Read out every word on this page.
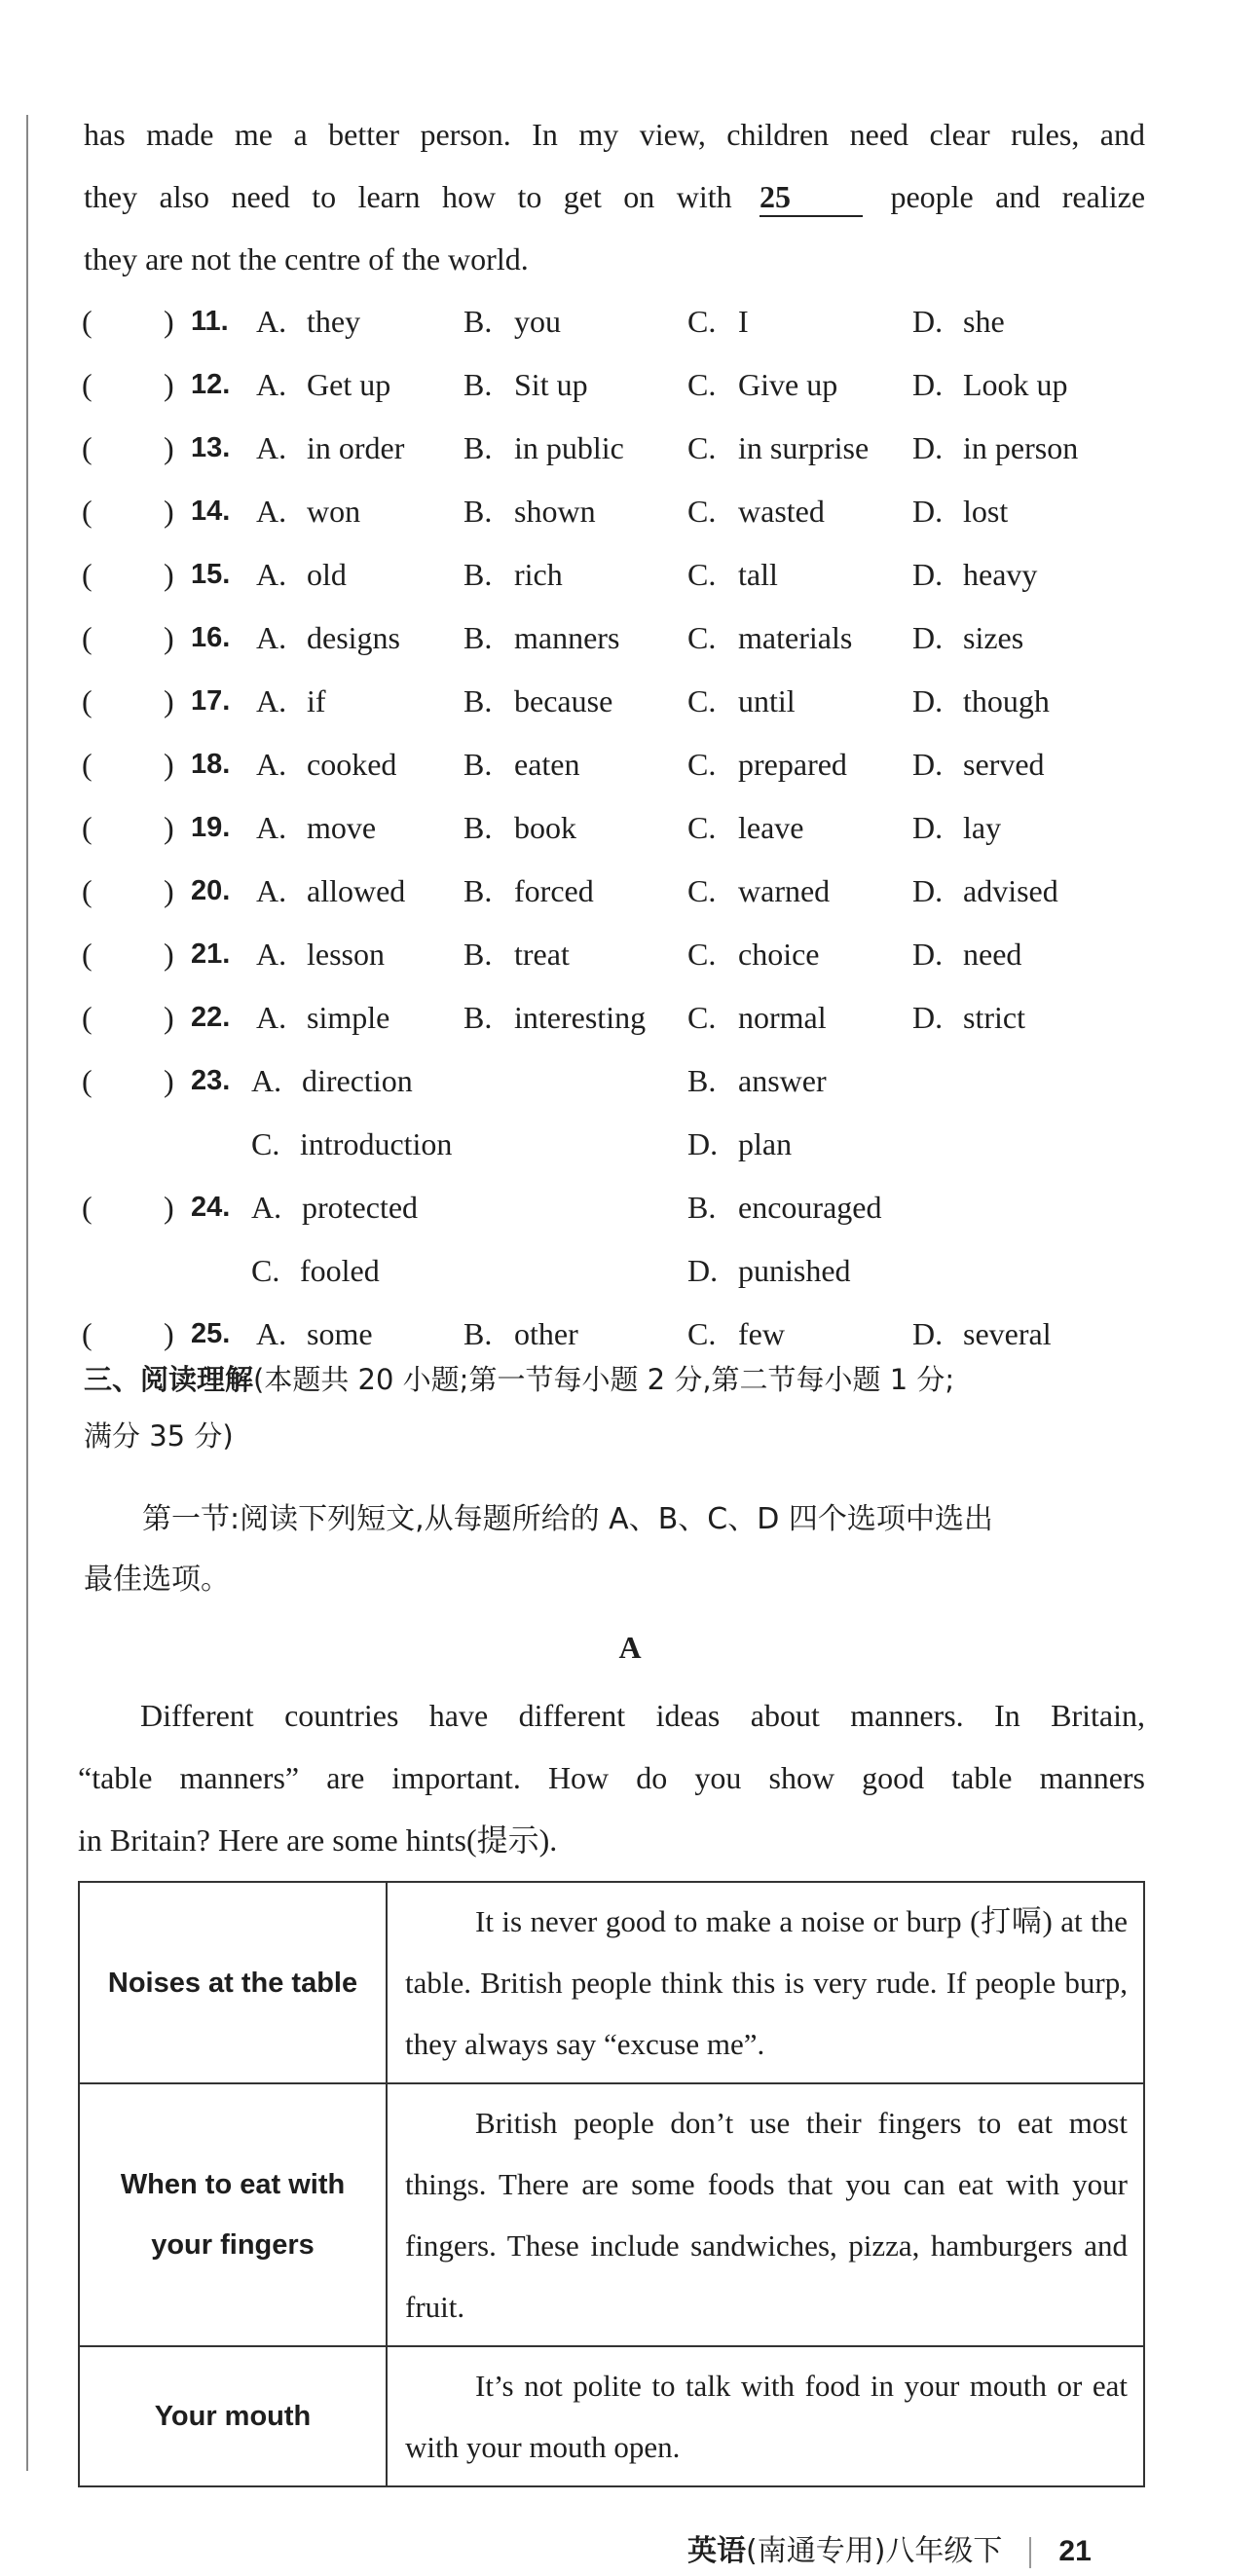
has made me a better person. In my view, children need clear rules, and
they also need to learn how to get on with 25	people and realize
they are not the centre of the world.
( ) 11. A. they	B. you	C. I	D. she
( ) 12. A. Get up B. Sit up	C. Give up D. Look up
( ) 13. A. in order B. in public C. in surprise D. in person
( ) 14. A. won	B. shown	C. wasted	D. lost
( ) 15. A. old	B. rich	C. tall	D. heavy
( ) 16. A. designs B. manners C. materials D. sizes
( ) 17. A. if	B. because C. until	D. though
( ) 18. A. cooked B. eaten	C. prepared D. served
( ) 19. A. move	B. book	C. leave	D. lay
( ) 20. A. allowed B. forced	C. warned	D. advised
( ) 21. A. lesson	B. treat	C. choice	D. need
( ) 22. A. simple B. interesting C. normal	D. strict
( ) 23. A. direction	B. answer
C. introduction	D. plan
( ) 24. A. protected	B. encouraged
C. fooled	D. punished
( ) 25. A. some	B. other	C. few	D. several
三、阅读理解(本题共 20 小题;第一节每小题 2 分,第二节每小题 1 分;
满分 35 分)
第一节:阅读下列短文,从每题所给的 A、B、C、D 四个选项中选出
最佳选项。
A
Different countries have different ideas about manners. In Britain,
“table manners” are important. How do you show good table manners
in Britain? Here are some hints(提示).
Noises at the table	It is never good to make a noise or burp (打嗝) at the table. British people think this is very rude. If people burp, they always say “excuse me”.

When to eat with
your fingers	British people don’t use their fingers to eat most things. There are some foods that you can eat with your fingers. These include sandwiches, pizza, hamburgers and fruit.

Your mouth	It’s not polite to talk with food in your mouth or eat with your mouth open.
英语(南通专用)八年级下 21
